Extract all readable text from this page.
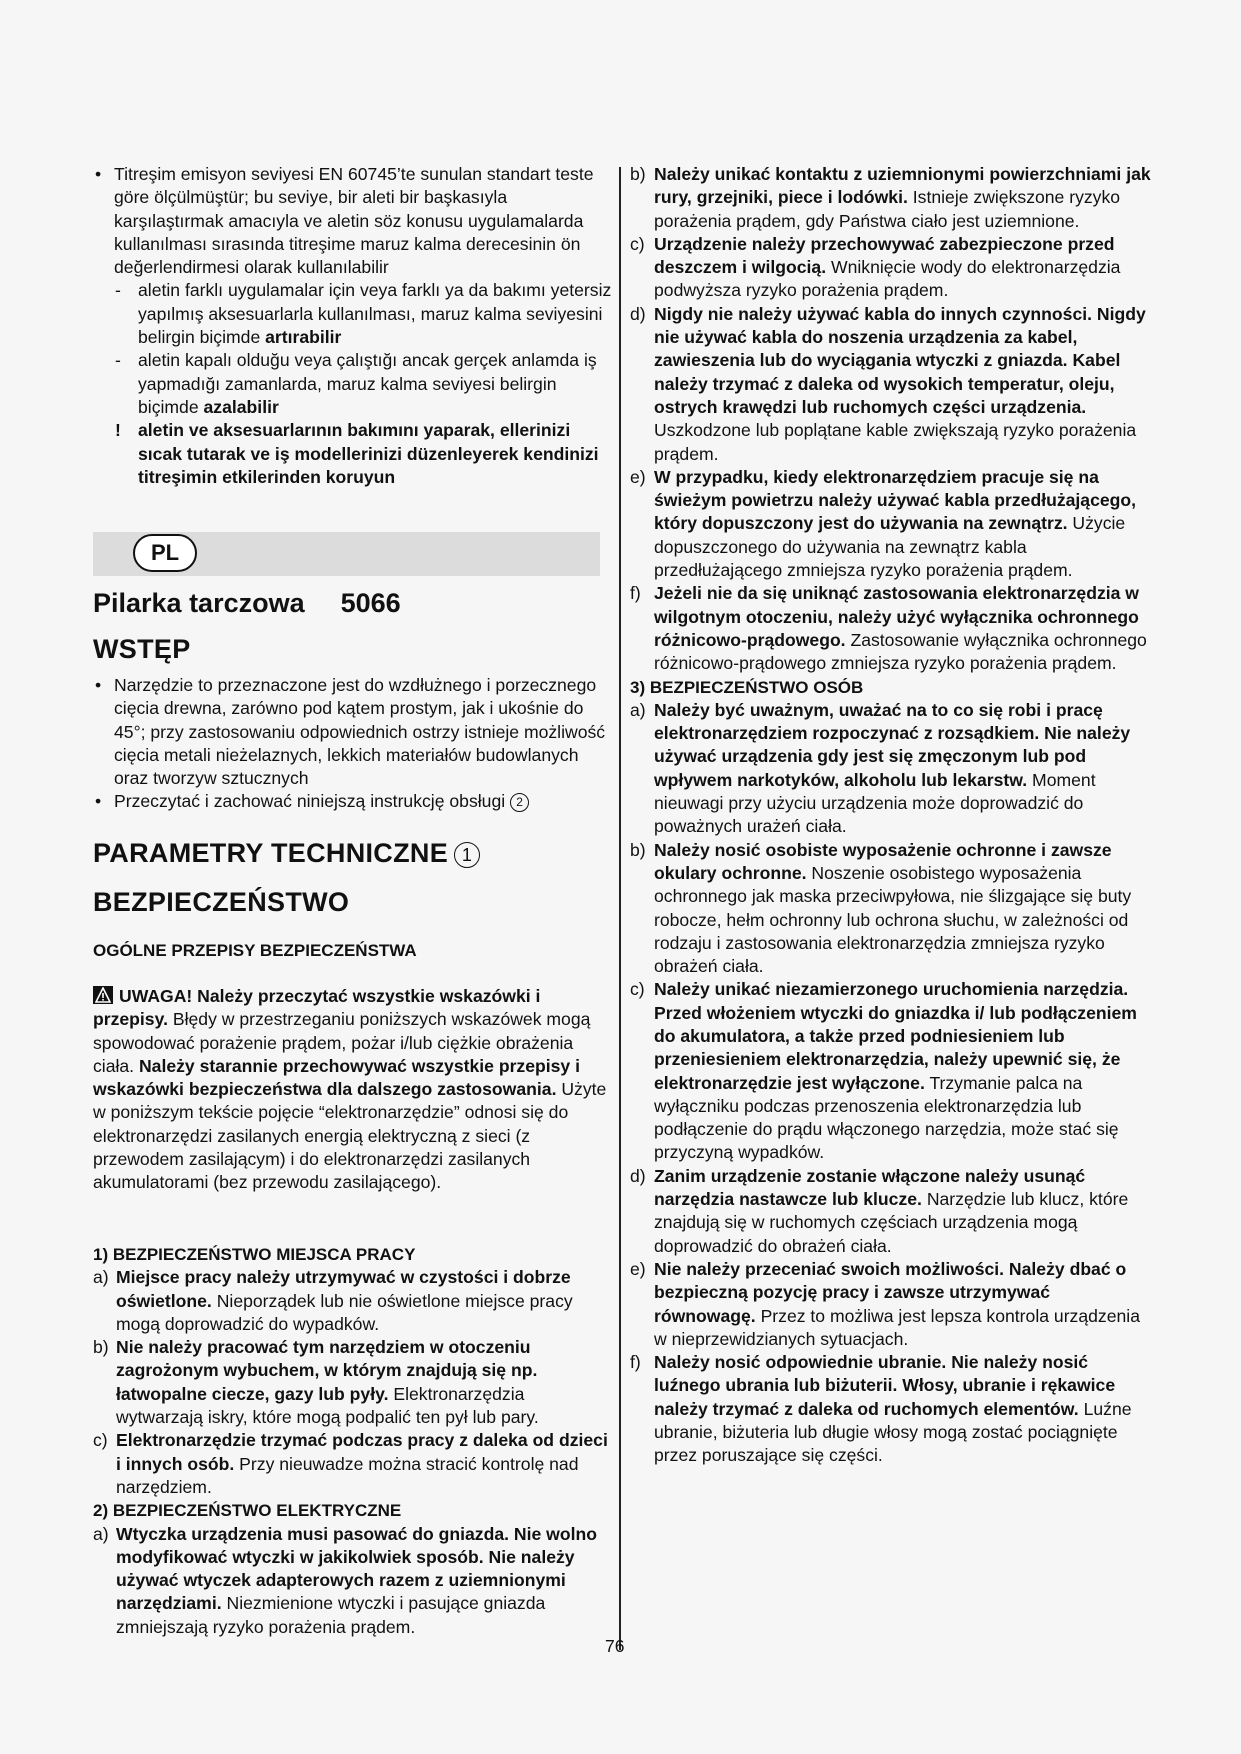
• Titreşim emisyon seviyesi EN 60745’te sunulan standart teste göre ölçülmüştür; bu seviye, bir aleti bir başkasıyla karşılaştırmak amacıyla ve aletin söz konusu uygulamalarda kullanılması sırasında titreşime maruz kalma derecesinin ön değerlendirmesi olarak kullanılabilir

- aletin farklı uygulamalar için veya farklı ya da bakımı yetersiz yapılmış aksesuarlarla kullanılması, maruz kalma seviyesini belirgin biçimde artırabilir

- aletin kapalı olduğu veya çalıştığı ancak gerçek anlamda iş yapmadığı zamanlarda, maruz kalma seviyesi belirgin biçimde azalabilir

! aletin ve aksesuarlarının bakımını yaparak, ellerinizi sıcak tutarak ve iş modellerinizi düzenleyerek kendinizi titreşimin etkilerinden koruyun

PL
Pilarka tarczowa 5066
WSTĘP

• Narzędzie to przeznaczone jest do wzdłużnego i porzecznego cięcia drewna, zarówno pod kątem prostym, jak i ukośnie do 45°; przy zastosowaniu odpowiednich ostrzy istnieje możliwość cięcia metali nieżelaznych, lekkich materiałów budowlanych oraz tworzyw sztucznych

• Przeczytać i zachować niniejszą instrukcję obsługi 2

PARAMETRY TECHNICZNE 1
BEZPIECZEŃSTWO
OGÓLNE PRZEPISY BEZPIECZEŃSTWA

UWAGA! Należy przeczytać wszystkie wskazówki i przepisy. Błędy w przestrzeganiu poniższych wskazówek mogą spowodować porażenie prądem, pożar i/lub ciężkie obrażenia ciała. Należy starannie przechowywać wszystkie przepisy i wskazówki bezpieczeństwa dla dalszego zastosowania. Użyte w poniższym tekście pojęcie “elektronarzędzie” odnosi się do elektronarzędzi zasilanych energią elektryczną z sieci (z przewodem zasilającym) i do elektronarzędzi zasilanych akumulatorami (bez przewodu zasilającego).

1) BEZPIECZEŃSTWO MIEJSCA PRACY

a) Miejsce pracy należy utrzymywać w czystości i dobrze oświetlone. Nieporządek lub nie oświetlone miejsce pracy mogą doprowadzić do wypadków.

b) Nie należy pracować tym narzędziem w otoczeniu zagrożonym wybuchem, w którym znajdują się np. łatwopalne ciecze, gazy lub pyły. Elektronarzędzia wytwarzają iskry, które mogą podpalić ten pył lub pary.

c) Elektronarzędzie trzymać podczas pracy z daleka od dzieci i innych osób. Przy nieuwadze można stracić kontrolę nad narzędziem.

2) BEZPIECZEŃSTWO ELEKTRYCZNE

a) Wtyczka urządzenia musi pasować do gniazda. Nie wolno modyfikować wtyczki w jakikolwiek sposób. Nie należy używać wtyczek adapterowych razem z uziemnionymi narzędziami. Niezmienione wtyczki i pasujące gniazda zmniejszają ryzyko porażenia prądem.

b) Należy unikać kontaktu z uziemnionymi powierzchniami jak rury, grzejniki, piece i lodówki. Istnieje zwiększone ryzyko porażenia prądem, gdy Państwa ciało jest uziemnione.

c) Urządzenie należy przechowywać zabezpieczone przed deszczem i wilgocią. Wniknięcie wody do elektronarzędzia podwyższa ryzyko porażenia prądem.

d) Nigdy nie należy używać kabla do innych czynności. Nigdy nie używać kabla do noszenia urządzenia za kabel, zawieszenia lub do wyciągania wtyczki z gniazda. Kabel należy trzymać z daleka od wysokich temperatur, oleju, ostrych krawędzi lub ruchomych części urządzenia. Uszkodzone lub poplątane kable zwiększają ryzyko porażenia prądem.

e) W przypadku, kiedy elektronarzędziem pracuje się na świeżym powietrzu należy używać kabla przedłużającego, który dopuszczony jest do używania na zewnątrz. Użycie dopuszczonego do używania na zewnątrz kabla przedłużającego zmniejsza ryzyko porażenia prądem.

f) Jeżeli nie da się uniknąć zastosowania elektronarzędzia w wilgotnym otoczeniu, należy użyć wyłącznika ochronnego różnicowo-prądowego. Zastosowanie wyłącznika ochronnego różnicowo-prądowego zmniejsza ryzyko porażenia prądem.

3) BEZPIECZEŃSTWO OSÓB

a) Należy być uważnym, uważać na to co się robi i pracę elektronarzędziem rozpoczynać z rozsądkiem. Nie należy używać urządzenia gdy jest się zmęczonym lub pod wpływem narkotyków, alkoholu lub lekarstw. Moment nieuwagi przy użyciu urządzenia może doprowadzić do poważnych urażeń ciała.

b) Należy nosić osobiste wyposażenie ochronne i zawsze okulary ochronne. Noszenie osobistego wyposażenia ochronnego jak maska przeciwpyłowa, nie ślizgające się buty robocze, hełm ochronny lub ochrona słuchu, w zależności od rodzaju i zastosowania elektronarzędzia zmniejsza ryzyko obrażeń ciała.

c) Należy unikać niezamierzonego uruchomienia narzędzia. Przed włożeniem wtyczki do gniazdka i/ lub podłączeniem do akumulatora, a także przed podniesieniem lub przeniesieniem elektronarzędzia, należy upewnić się, że elektronarzędzie jest wyłączone. Trzymanie palca na wyłączniku podczas przenoszenia elektronarzędzia lub podłączenie do prądu włączonego narzędzia, może stać się przyczyną wypadków.

d) Zanim urządzenie zostanie włączone należy usunąć narzędzia nastawcze lub klucze. Narzędzie lub klucz, które znajdują się w ruchomych częściach urządzenia mogą doprowadzić do obrażeń ciała.

e) Nie należy przeceniać swoich możliwości. Należy dbać o bezpieczną pozycję pracy i zawsze utrzymywać równowagę. Przez to możliwa jest lepsza kontrola urządzenia w nieprzewidzianych sytuacjach.

f) Należy nosić odpowiednie ubranie. Nie należy nosić luźnego ubrania lub biżuterii. Włosy, ubranie i rękawice należy trzymać z daleka od ruchomych elementów. Luźne ubranie, biżuteria lub długie włosy mogą zostać pociągnięte przez poruszające się części.

76
